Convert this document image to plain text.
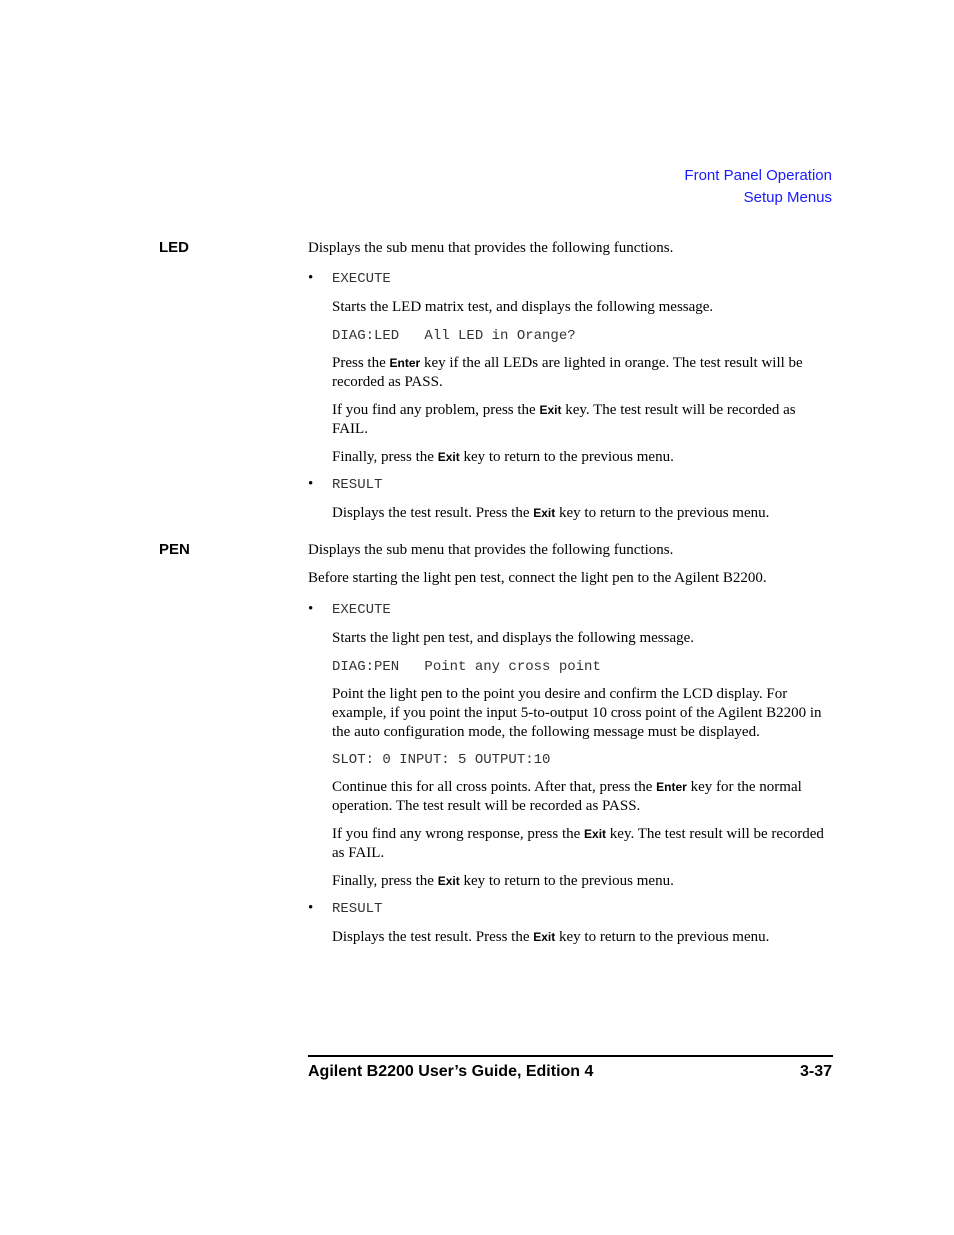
Front Panel Operation
Setup Menus
LED	Displays the sub menu that provides the following functions.
• EXECUTE
Starts the LED matrix test, and displays the following message.
DIAG:LED   All LED in Orange?
Press the Enter key if the all LEDs are lighted in orange. The test result will be recorded as PASS.
If you find any problem, press the Exit key. The test result will be recorded as FAIL.
Finally, press the Exit key to return to the previous menu.
• RESULT
Displays the test result. Press the Exit key to return to the previous menu.
PEN	Displays the sub menu that provides the following functions.
Before starting the light pen test, connect the light pen to the Agilent B2200.
• EXECUTE
Starts the light pen test, and displays the following message.
DIAG:PEN   Point any cross point
Point the light pen to the point you desire and confirm the LCD display. For example, if you point the input 5-to-output 10 cross point of the Agilent B2200 in the auto configuration mode, the following message must be displayed.
SLOT: 0 INPUT: 5 OUTPUT:10
Continue this for all cross points. After that, press the Enter key for the normal operation. The test result will be recorded as PASS.
If you find any wrong response, press the Exit key. The test result will be recorded as FAIL.
Finally, press the Exit key to return to the previous menu.
• RESULT
Displays the test result. Press the Exit key to return to the previous menu.
Agilent B2200 User’s Guide, Edition 4	3-37
